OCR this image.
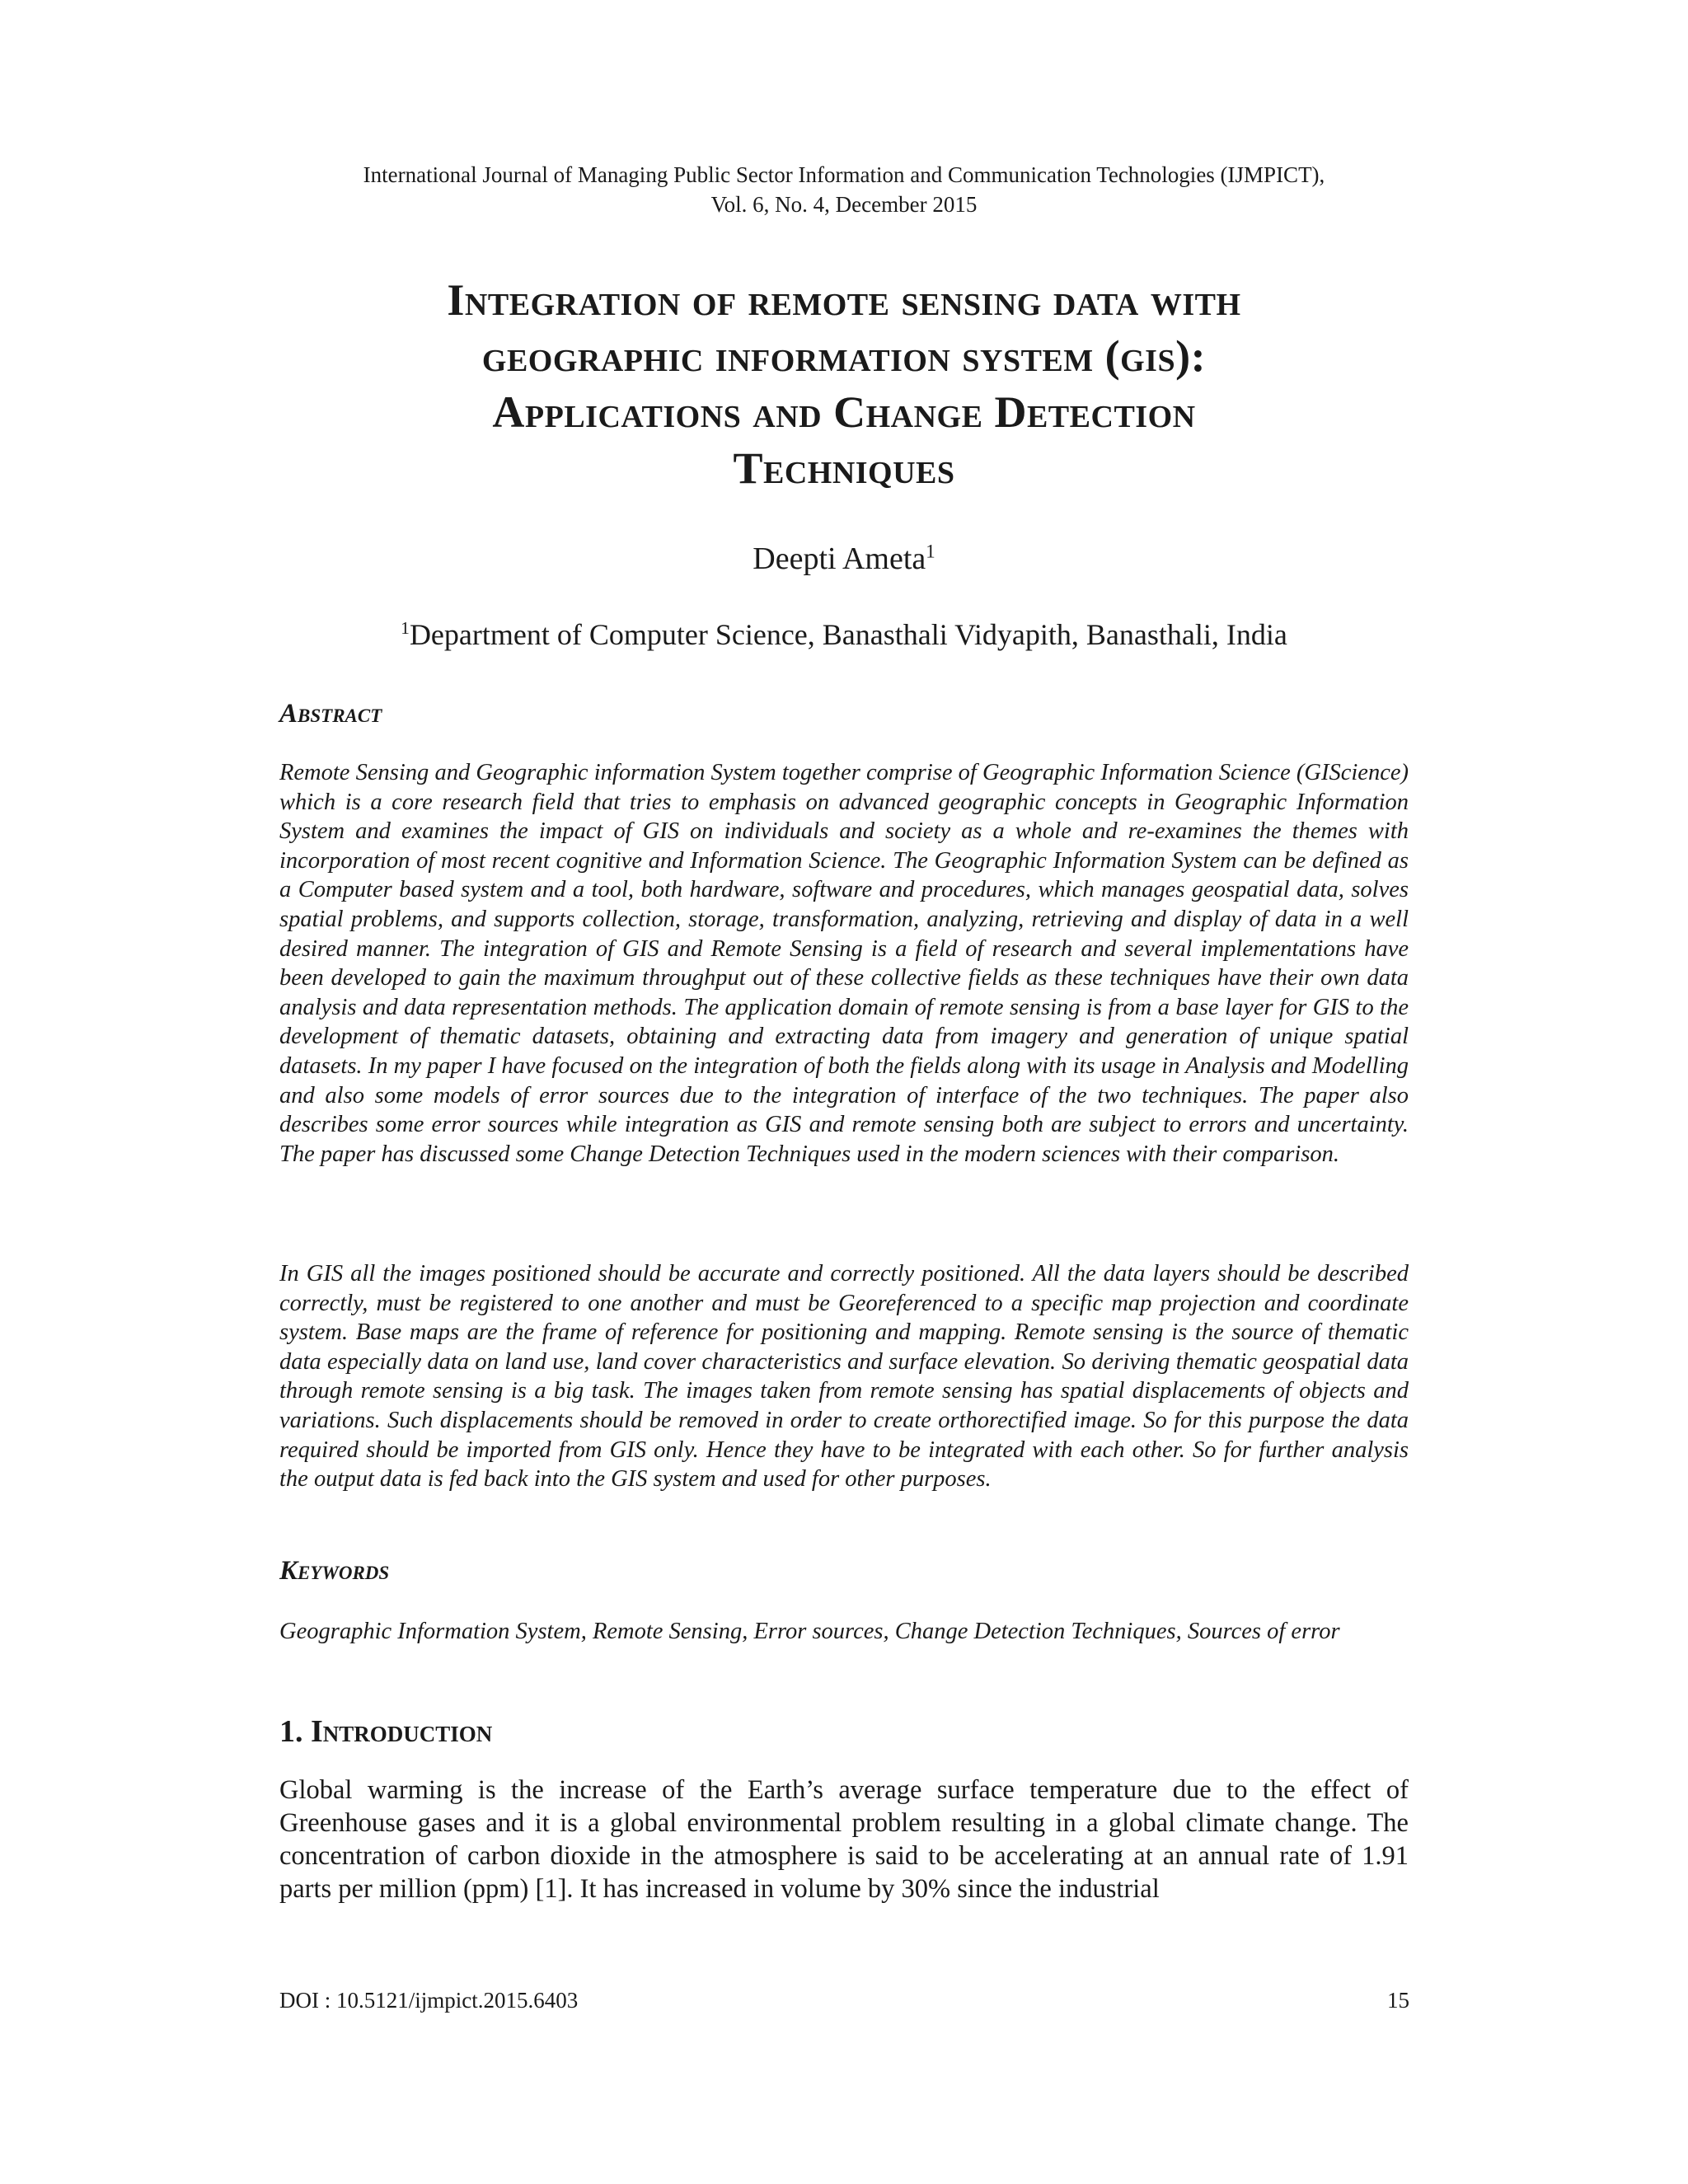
International Journal of Managing Public Sector Information and Communication Technologies (IJMPICT),
Vol. 6, No. 4, December 2015
Integration of remote sensing data with
geographic information system (gis):
Applications and Change Detection
Techniques
Deepti Ameta$^1$
$^1$Department of Computer Science, Banasthali Vidyapith, Banasthali, India
Abstract
Remote Sensing and Geographic information System together comprise of Geographic Information Science (GIScience) which is a core research field that tries to emphasis on advanced geographic concepts in Geographic Information System and examines the impact of GIS on individuals and society as a whole and re-examines the themes with incorporation of most recent cognitive and Information Science. The Geographic Information System can be defined as a Computer based system and a tool, both hardware, software and procedures, which manages geospatial data, solves spatial problems, and supports collection, storage, transformation, analyzing, retrieving and display of data in a well desired manner. The integration of GIS and Remote Sensing is a field of research and several implementations have been developed to gain the maximum throughput out of these collective fields as these techniques have their own data analysis and data representation methods. The application domain of remote sensing is from a base layer for GIS to the development of thematic datasets, obtaining and extracting data from imagery and generation of unique spatial datasets. In my paper I have focused on the integration of both the fields along with its usage in Analysis and Modelling and also some models of error sources due to the integration of interface of the two techniques. The paper also describes some error sources while integration as GIS and remote sensing both are subject to errors and uncertainty. The paper has discussed some Change Detection Techniques used in the modern sciences with their comparison.
In GIS all the images positioned should be accurate and correctly positioned. All the data layers should be described correctly, must be registered to one another and must be Georeferenced to a specific map projection and coordinate system. Base maps are the frame of reference for positioning and mapping. Remote sensing is the source of thematic data especially data on land use, land cover characteristics and surface elevation. So deriving thematic geospatial data through remote sensing is a big task. The images taken from remote sensing has spatial displacements of objects and variations. Such displacements should be removed in order to create orthorectified image. So for this purpose the data required should be imported from GIS only. Hence they have to be integrated with each other. So for further analysis the output data is fed back into the GIS system and used for other purposes.
Keywords
Geographic Information System, Remote Sensing, Error sources, Change Detection Techniques, Sources of error
1. Introduction
Global warming is the increase of the Earth’s average surface temperature due to the effect of Greenhouse gases and it is a global environmental problem resulting in a global climate change. The concentration of carbon dioxide in the atmosphere is said to be accelerating at an annual rate of 1.91 parts per million (ppm) [1]. It has increased in volume by 30% since the industrial
DOI : 10.5121/ijmpict.2015.6403	15
